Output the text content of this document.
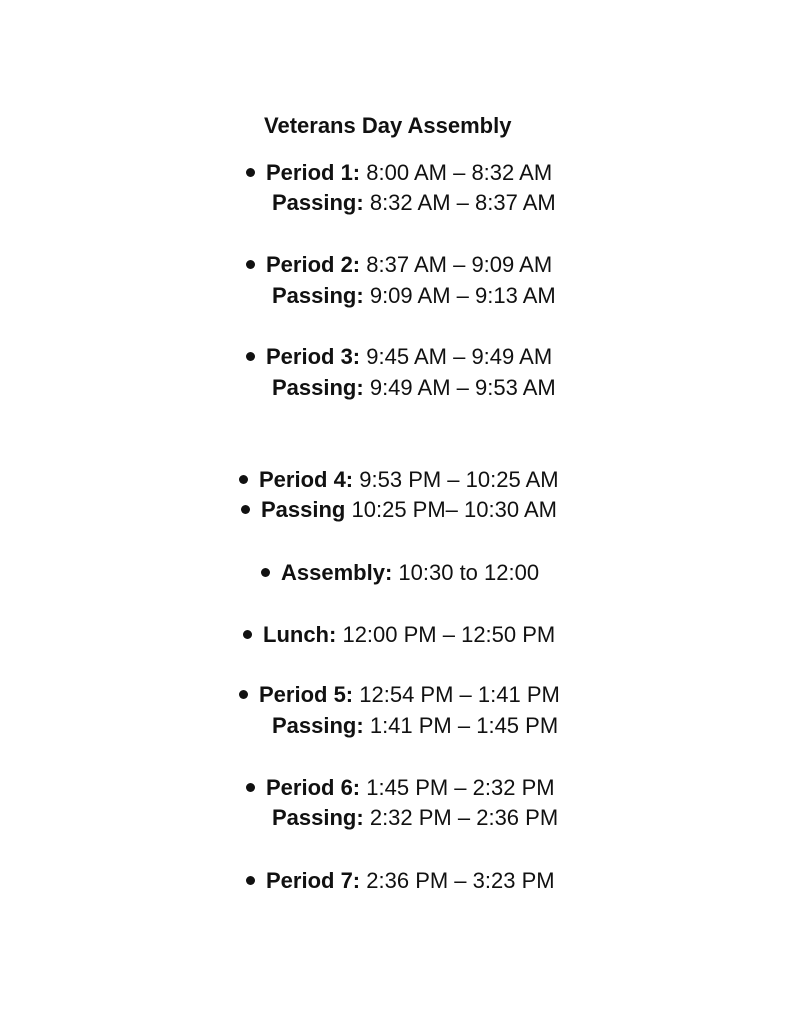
Veterans Day Assembly
Period 1: 8:00 AM – 8:32 AM
Passing: 8:32 AM – 8:37 AM
Period 2: 8:37 AM – 9:09 AM
Passing: 9:09 AM – 9:13 AM
Period 3: 9:45 AM – 9:49 AM
Passing: 9:49 AM – 9:53 AM
Period 4: 9:53 PM – 10:25 AM
Passing 10:25 PM– 10:30 AM
Assembly: 10:30 to 12:00
Lunch: 12:00 PM – 12:50 PM
Period 5: 12:54 PM – 1:41 PM
Passing: 1:41 PM – 1:45 PM
Period 6: 1:45 PM – 2:32 PM
Passing: 2:32 PM – 2:36 PM
Period 7: 2:36 PM – 3:23 PM
